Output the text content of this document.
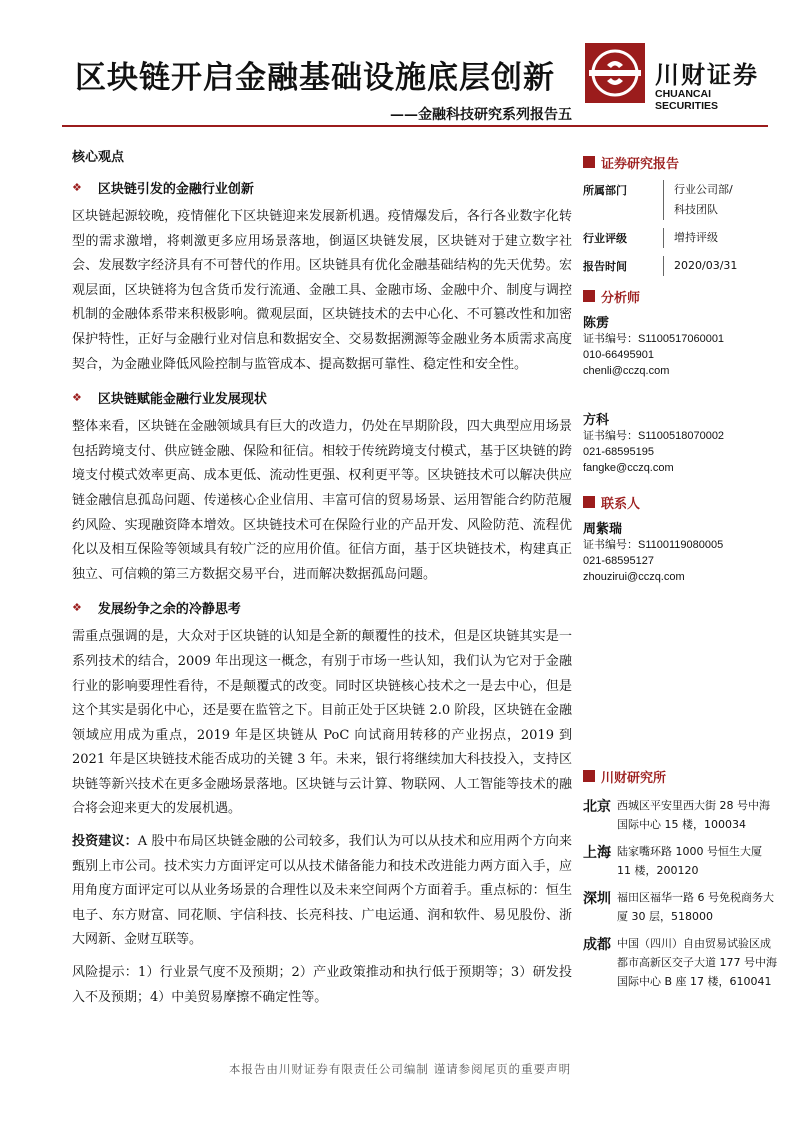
区块链开启金融基础设施底层创新
——金融科技研究系列报告五
川财证券
CHUANCAI SECURITIES
核心观点
❖ 区块链引发的金融行业创新

区块链起源较晚，疫情催化下区块链迎来发展新机遇。疫情爆发后，各行各业数字化转型的需求激增，将刺激更多应用场景落地，倒逼区块链发展，区块链对于建立数字社会、发展数字经济具有不可替代的作用。区块链具有优化金融基础结构的先天优势。宏观层面，区块链将为包含货币发行流通、金融工具、金融市场、金融中介、制度与调控机制的金融体系带来积极影响。微观层面，区块链技术的去中心化、不可篡改性和加密保护特性，正好与金融行业对信息和数据安全、交易数据溯源等金融业务本质需求高度契合，为金融业降低风险控制与监管成本、提高数据可靠性、稳定性和安全性。

❖ 区块链赋能金融行业发展现状

整体来看，区块链在金融领域具有巨大的改造力，仍处在早期阶段，四大典型应用场景包括跨境支付、供应链金融、保险和征信。相较于传统跨境支付模式，基于区块链的跨境支付模式效率更高、成本更低、流动性更强、权利更平等。区块链技术可以解决供应链金融信息孤岛问题、传递核心企业信用、丰富可信的贸易场景、运用智能合约防范履约风险、实现融资降本增效。区块链技术可在保险行业的产品开发、风险防范、流程优化以及相互保险等领域具有较广泛的应用价值。征信方面，基于区块链技术，构建真正独立、可信赖的第三方数据交易平台，进而解决数据孤岛问题。

❖ 发展纷争之余的冷静思考

需重点强调的是，大众对于区块链的认知是全新的颠覆性的技术，但是区块链其实是一系列技术的结合，2009 年出现这一概念，有别于市场一些认知，我们认为它对于金融行业的影响要理性看待，不是颠覆式的改变。同时区块链核心技术之一是去中心，但是这个其实是弱化中心，还是要在监管之下。目前正处于区块链 2.0 阶段，区块链在金融领域应用成为重点，2019 年是区块链从 PoC 向试商用转移的产业拐点，2019 到 2021 年是区块链技术能否成功的关键 3 年。未来，银行将继续加大科技投入，支持区块链等新兴技术在更多金融场景落地。区块链与云计算、物联网、人工智能等技术的融合将会迎来更大的发展机遇。

投资建议：A 股中布局区块链金融的公司较多，我们认为可以从技术和应用两个方向来甄别上市公司。技术实力方面评定可以从技术储备能力和技术改进能力两方面入手，应用角度方面评定可以从业务场景的合理性以及未来空间两个方面着手。重点标的：恒生电子、东方财富、同花顺、宇信科技、长亮科技、广电运通、润和软件、易见股份、浙大网新、金财互联等。

风险提示：1）行业景气度不及预期；2）产业政策推动和执行低于预期等；3）研发投入不及预期；4）中美贸易摩擦不确定性等。

证券研究报告
所属部门	行业公司部/
科技团队
行业评级	增持评级
报告时间	2020/03/31
分析师
陈雳
证书编号：S1100517060001
010-66495901
chenli@cczq.com
方科
证书编号：S1100518070002
021-68595195
fangke@cczq.com
联系人
周紫瑞
证书编号：S1100119080005
021-68595127
zhouzirui@cczq.com
川财研究所
北京 西城区平安里西大街 28 号中海国际中心 15 楼，100034
上海 陆家嘴环路 1000 号恒生大厦 11 楼，200120
深圳 福田区福华一路 6 号免税商务大厦 30 层，518000
成都 中国（四川）自由贸易试验区成都市高新区交子大道 177 号中海国际中心 B 座 17 楼，610041
本报告由川财证券有限责任公司编制 谨请参阅尾页的重要声明
